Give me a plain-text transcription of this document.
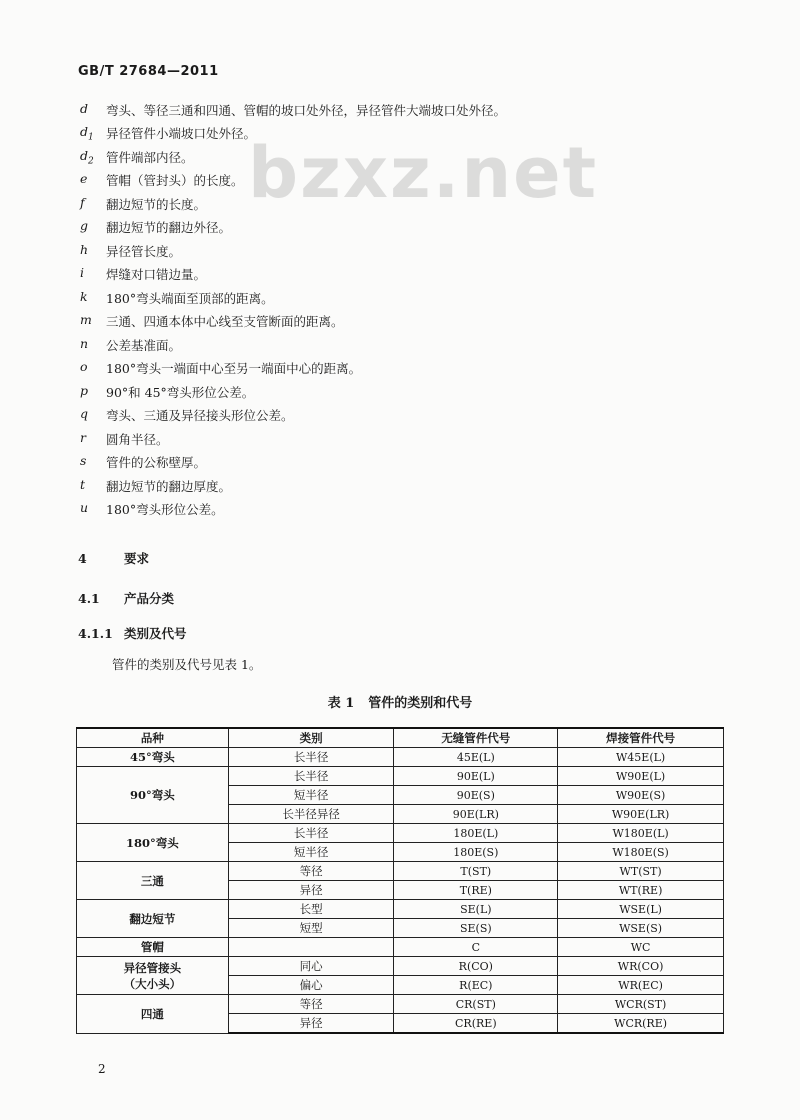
GB/T 27684—2011
bzxz.net
d	弯头、等径三通和四通、管帽的坡口处外径，异径管件大端坡口处外径。
$d_1$ 异径管件小端坡口处外径。
$d_2$ 管件端部内径。
e	管帽（管封头）的长度。
f	翻边短节的长度。
g	翻边短节的翻边外径。
h	异径管长度。
i	焊缝对口错边量。
k	180°弯头端面至顶部的距离。
m	三通、四通本体中心线至支管断面的距离。
n	公差基准面。
o	180°弯头一端面中心至另一端面中心的距离。
p	90°和 45°弯头形位公差。
q	弯头、三通及异径接头形位公差。
r	圆角半径。
s	管件的公称壁厚。
t	翻边短节的翻边厚度。
u	180°弯头形位公差。
4	要求
4.1 产品分类
4.1.1 类别及代号
管件的类别及代号见表 1。
表 1 管件的类别和代号
品种	类别	无缝管件代号	焊接管件代号
45°弯头	长半径	45E(L)	W45E(L)
90°弯头	长半径	90E(L)	W90E(L)
	短半径	90E(S)	W90E(S)
	长半径异径	90E(LR)	W90E(LR)
180°弯头	长半径	180E(L)	W180E(L)
	短半径	180E(S)	W180E(S)
三通	等径	T(ST)	WT(ST)
	异径	T(RE)	WT(RE)
翻边短节	长型	SE(L)	WSE(L)
	短型	SE(S)	WSE(S)
管帽		C	WC
异径管接头
（大小头）	同心	R(CO)	WR(CO)
	偏心	R(EC)	WR(EC)
四通	等径	CR(ST)	WCR(ST)
	异径	CR(RE)	WCR(RE)
2
